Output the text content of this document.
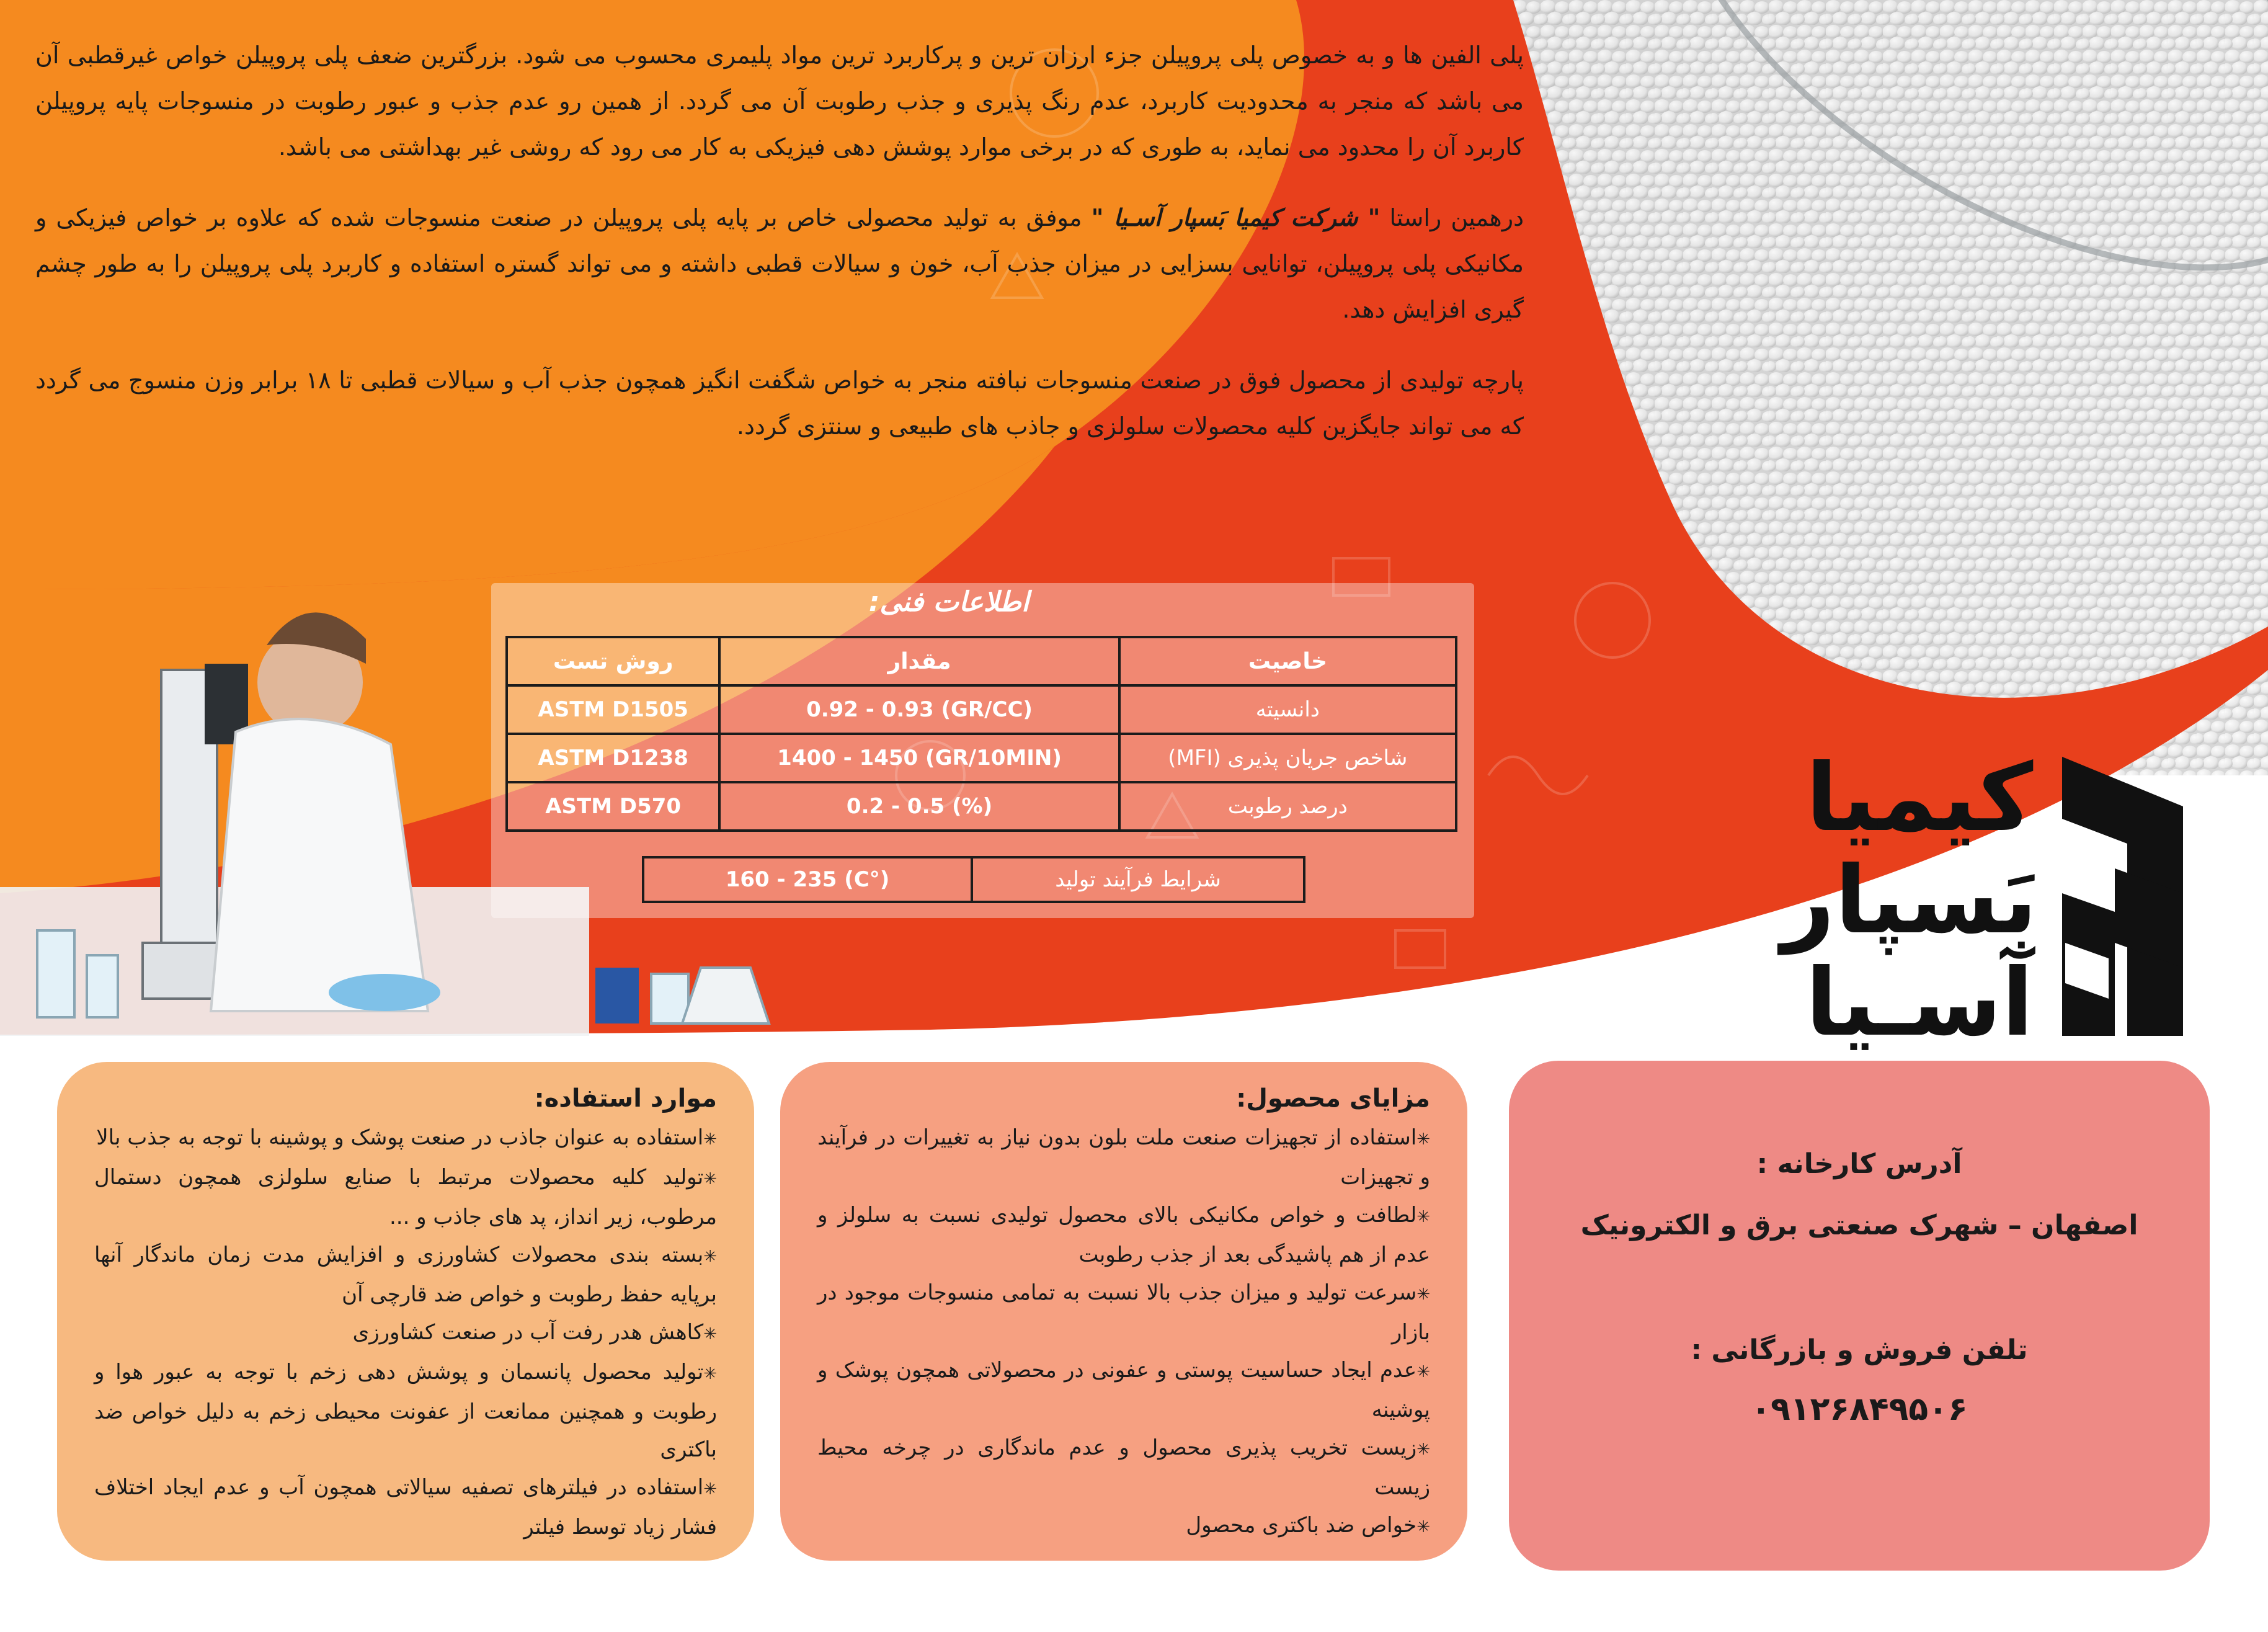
پلی الفین ها و به خصوص پلی پروپیلن جزء ارزان ترین و پرکاربرد ترین مواد پلیمری محسوب می شود. بزرگترین ضعف پلی پروپیلن خواص غیرقطبی آن می باشد که منجر به محدودیت کاربرد، عدم رنگ پذیری و جذب رطوبت آن می گردد. از همین رو عدم جذب و عبور رطوبت در منسوجات پایه پروپیلن کاربرد آن را محدود می نماید، به طوری که در برخی موارد پوشش دهی فیزیکی به کار می رود که روشی غیر بهداشتی می باشد.

درهمین راستا " شرکت کیمیا بَسپار آسـیا " موفق به تولید محصولی خاص بر پایه پلی پروپیلن در صنعت منسوجات شده که علاوه بر خواص فیزیکی و مکانیکی پلی پروپیلن، توانایی بسزایی در میزان جذب آب، خون و سیالات قطبی داشته و می تواند گستره استفاده و کاربرد پلی پروپیلن را به طور چشم گیری افزایش دهد.

پارچه تولیدی از محصول فوق در صنعت منسوجات نبافته منجر به خواص شگفت انگیز همچون جذب آب و سیالات قطبی تا ۱۸ برابر وزن منسوج می گردد که می تواند جایگزین کلیه محصولات سلولزی و جاذب های طبیعی و سنتزی گردد.

اطلاعات فنی:
خاصیت	مقدار	روش تست
دانسیته	0.92 - 0.93 (GR/CC)	ASTM D1505
شاخص جریان پذیری (MFI)	1400 - 1450 (GR/10MIN)	ASTM D1238
درصد رطوبت	0.2 - 0.5 (%)	ASTM D570
شرایط فرآیند تولید	160 - 235 (C°)
کیمیا
بَسپار
آسـیا
موارد استفاده:
✳ استفاده به عنوان جاذب در صنعت پوشک و پوشینه با توجه به جذب بالا
✳ تولید کلیه محصولات مرتبط با صنایع سلولزی همچون دستمال مرطوب، زیر انداز، پد های جاذب و ...
✳ بسته بندی محصولات کشاورزی و افزایش مدت زمان ماندگار آنها برپایه حفظ رطوبت و خواص ضد قارچی آن
✳ کاهش هدر رفت آب در صنعت کشاورزی
✳ تولید محصول پانسمان و پوشش دهی زخم با توجه به عبور هوا و رطوبت و همچنین ممانعت از عفونت محیطی زخم به دلیل خواص ضد باکتری
✳ استفاده در فیلترهای تصفیه سیالاتی همچون آب و عدم ایجاد اختلاف فشار زیاد توسط فیلتر
مزایای محصول:
✳ استفاده از تجهیزات صنعت ملت بلون بدون نیاز به تغییرات در فرآیند و تجهیزات
✳ لطافت و خواص مکانیکی بالای محصول تولیدی نسبت به سلولز و عدم از هم پاشیدگی بعد از جذب رطوبت
✳ سرعت تولید و میزان جذب بالا نسبت به تمامی منسوجات موجود در بازار
✳ عدم ایجاد حساسیت پوستی و عفونی در محصولاتی همچون پوشک و پوشینه
✳ زیست تخریب پذیری محصول و عدم ماندگاری در چرخه محیط زیست
✳ خواص ضد باکتری محصول
آدرس کارخانه :
اصفهان – شهرک صنعتی برق و الکترونیک
تلفن فروش و بازرگانی :
۰۹۱۲۶۸۴۹۵۰۶
